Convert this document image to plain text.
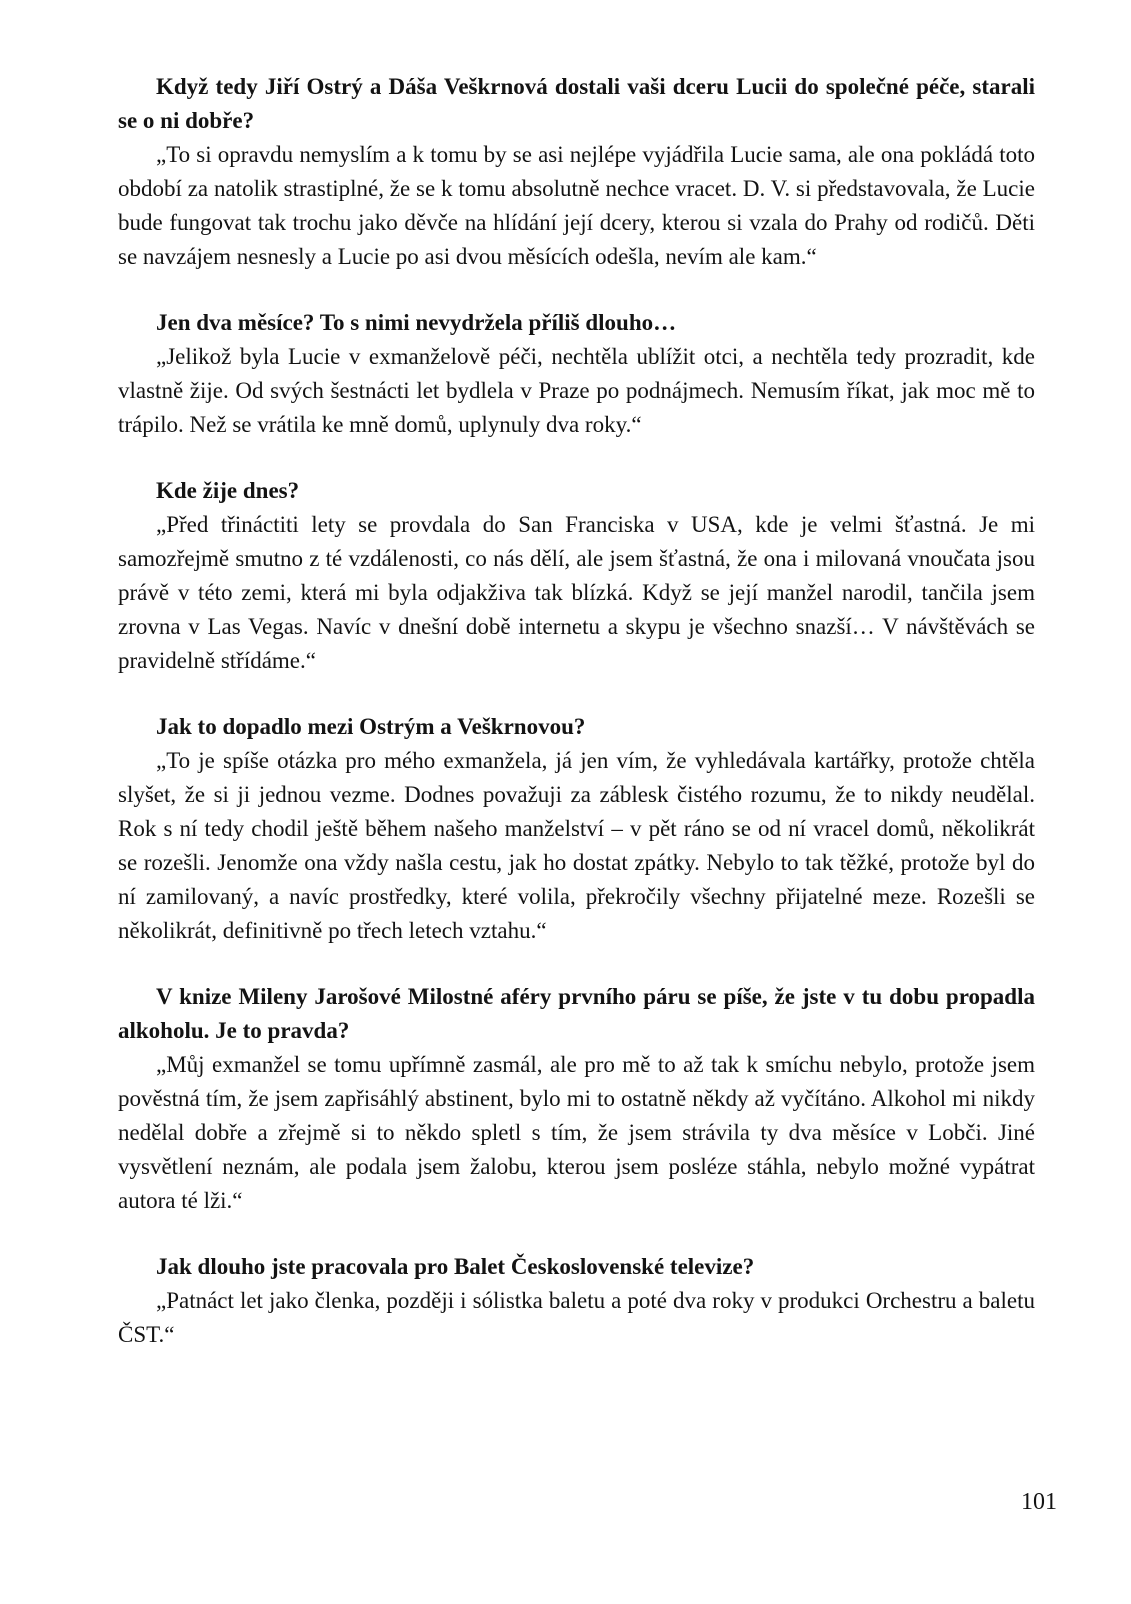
Když tedy Jiří Ostrý a Dáša Veškrnová dostali vaši dceru Lucii do společné péče, starali se o ni dobře?

„To si opravdu nemyslím a k tomu by se asi nejlépe vyjádřila Lucie sama, ale ona pokládá toto období za natolik strastiplné, že se k tomu absolutně nechce vracet. D. V. si představovala, že Lucie bude fungovat tak trochu jako děvče na hlídání její dcery, kterou si vzala do Prahy od rodičů. Děti se navzájem nesnesly a Lucie po asi dvou měsících odešla, nevím ale kam.“

Jen dva měsíce? To s nimi nevydržela příliš dlouho…

„Jelikož byla Lucie v exmanželově péči, nechtěla ublížit otci, a nechtěla tedy prozradit, kde vlastně žije. Od svých šestnácti let bydlela v Praze po podnájmech. Nemusím říkat, jak moc mě to trápilo. Než se vrátila ke mně domů, uplynuly dva roky.“

Kde žije dnes?

„Před třináctiti lety se provdala do San Franciska v USA, kde je velmi šťastná. Je mi samozřejmě smutno z té vzdálenosti, co nás dělí, ale jsem šťastná, že ona i milovaná vnoučata jsou právě v této zemi, která mi byla odjakživa tak blízká. Když se její manžel narodil, tančila jsem zrovna v Las Vegas. Navíc v dnešní době internetu a skypu je všechno snazší… V návštěvách se pravidelně střídáme.“

Jak to dopadlo mezi Ostrým a Veškrnovou?

„To je spíše otázka pro mého exmanžela, já jen vím, že vyhledávala kartářky, protože chtěla slyšet, že si ji jednou vezme. Dodnes považuji za záblesk čistého rozumu, že to nikdy neudělal. Rok s ní tedy chodil ještě během našeho manželství – v pět ráno se od ní vracel domů, několikrát se rozešli. Jenomže ona vždy našla cestu, jak ho dostat zpátky. Nebylo to tak těžké, protože byl do ní zamilovaný, a navíc prostředky, které volila, překročily všechny přijatelné meze. Rozešli se několikrát, definitivně po třech letech vztahu.“

V knize Mileny Jarošové Milostné aféry prvního páru se píše, že jste v tu dobu propadla alkoholu. Je to pravda?

„Můj exmanžel se tomu upřímně zasmál, ale pro mě to až tak k smíchu nebylo, protože jsem pověstná tím, že jsem zapřisáhlý abstinent, bylo mi to ostatně někdy až vyčítáno. Alkohol mi nikdy nedělal dobře a zřejmě si to někdo spletl s tím, že jsem strávila ty dva měsíce v Lobči. Jiné vysvětlení neznám, ale podala jsem žalobu, kterou jsem posléze stáhla, nebylo možné vypátrat autora té lži.“

Jak dlouho jste pracovala pro Balet Československé televize?

„Patnáct let jako členka, později i sólistka baletu a poté dva roky v produkci Orchestru a baletu ČST.“

101
